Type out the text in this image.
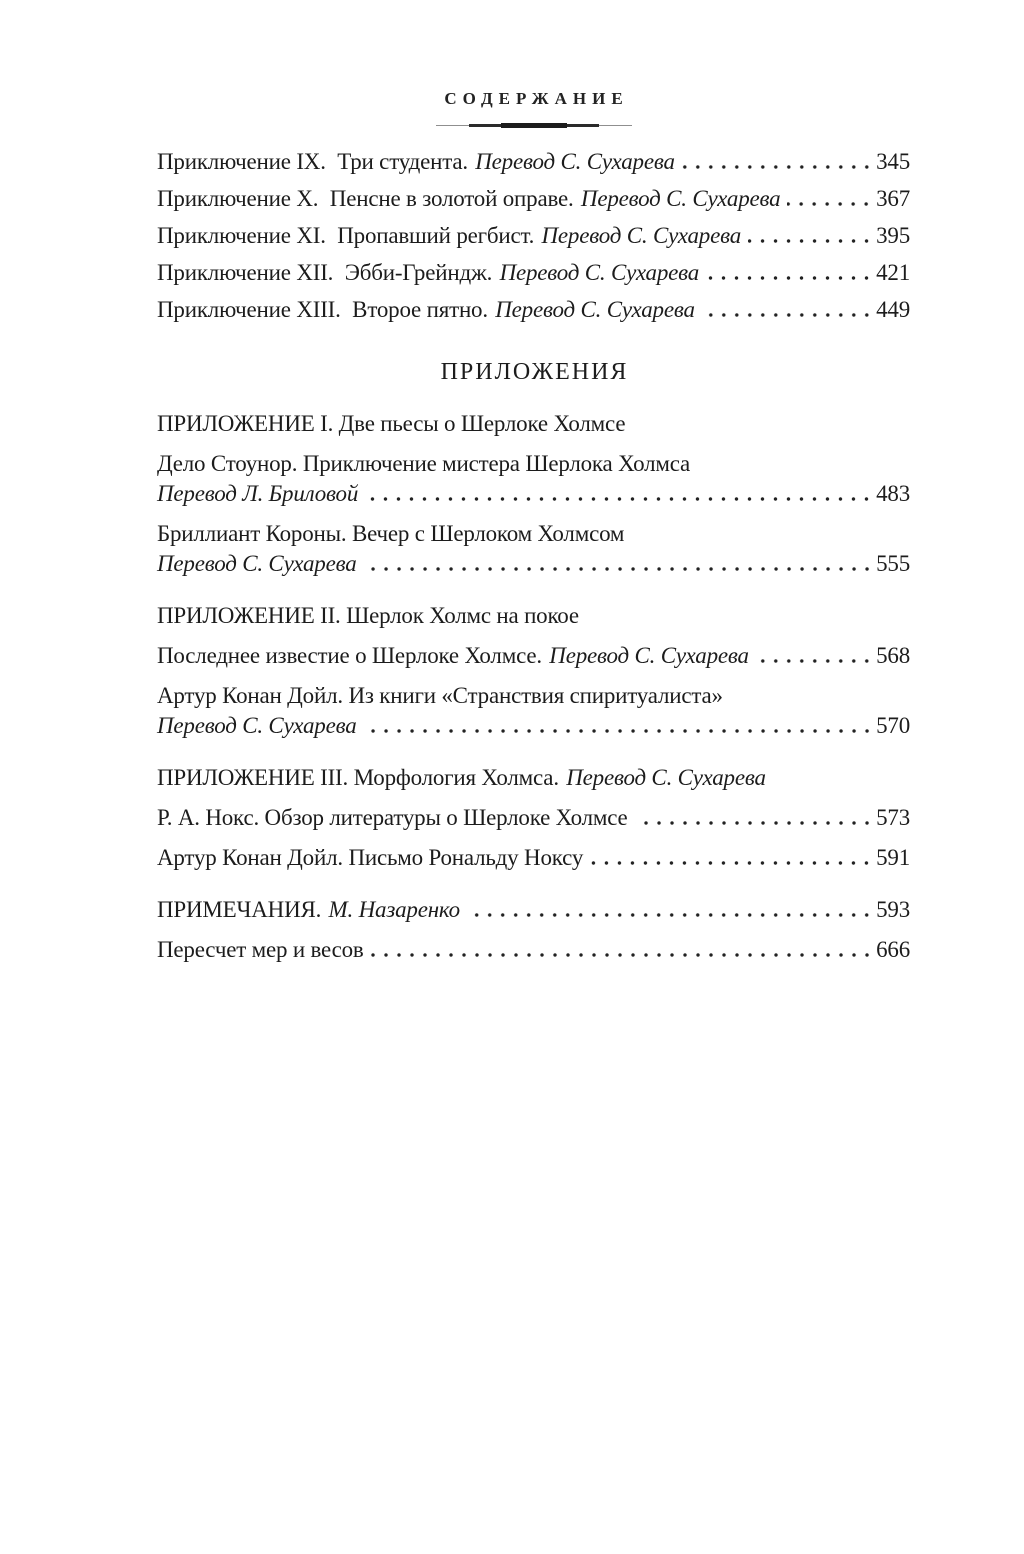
СОДЕРЖАНИЕ
Приключение IX. Три студента. Перевод С. Сухарева	345
Приключение X. Пенсне в золотой оправе. Перевод С. Сухарева	367
Приключение XI. Пропавший регбист. Перевод С. Сухарева	395
Приключение XII. Эбби-Грейндж. Перевод С. Сухарева	421
Приключение XIII. Второе пятно. Перевод С. Сухарева	449
ПРИЛОЖЕНИЯ
ПРИЛОЖЕНИЕ I. Две пьесы о Шерлоке Холмсе
Дело Стоунор. Приключение мистера Шерлока Холмса
Перевод Л. Бриловой	483
Бриллиант Короны. Вечер с Шерлоком Холмсом
Перевод С. Сухарева	555
ПРИЛОЖЕНИЕ II. Шерлок Холмс на покое
Последнее известие о Шерлоке Холмсе. Перевод С. Сухарева	568
Артур Конан Дойл. Из книги «Странствия спиритуалиста»
Перевод С. Сухарева	570
ПРИЛОЖЕНИЕ III. Морфология Холмса. Перевод С. Сухарева
Р. А. Нокс. Обзор литературы о Шерлоке Холмсе	573
Артур Конан Дойл. Письмо Рональду Ноксу	591
ПРИМЕЧАНИЯ. М. Назаренко	593
Пересчет мер и весов	666
